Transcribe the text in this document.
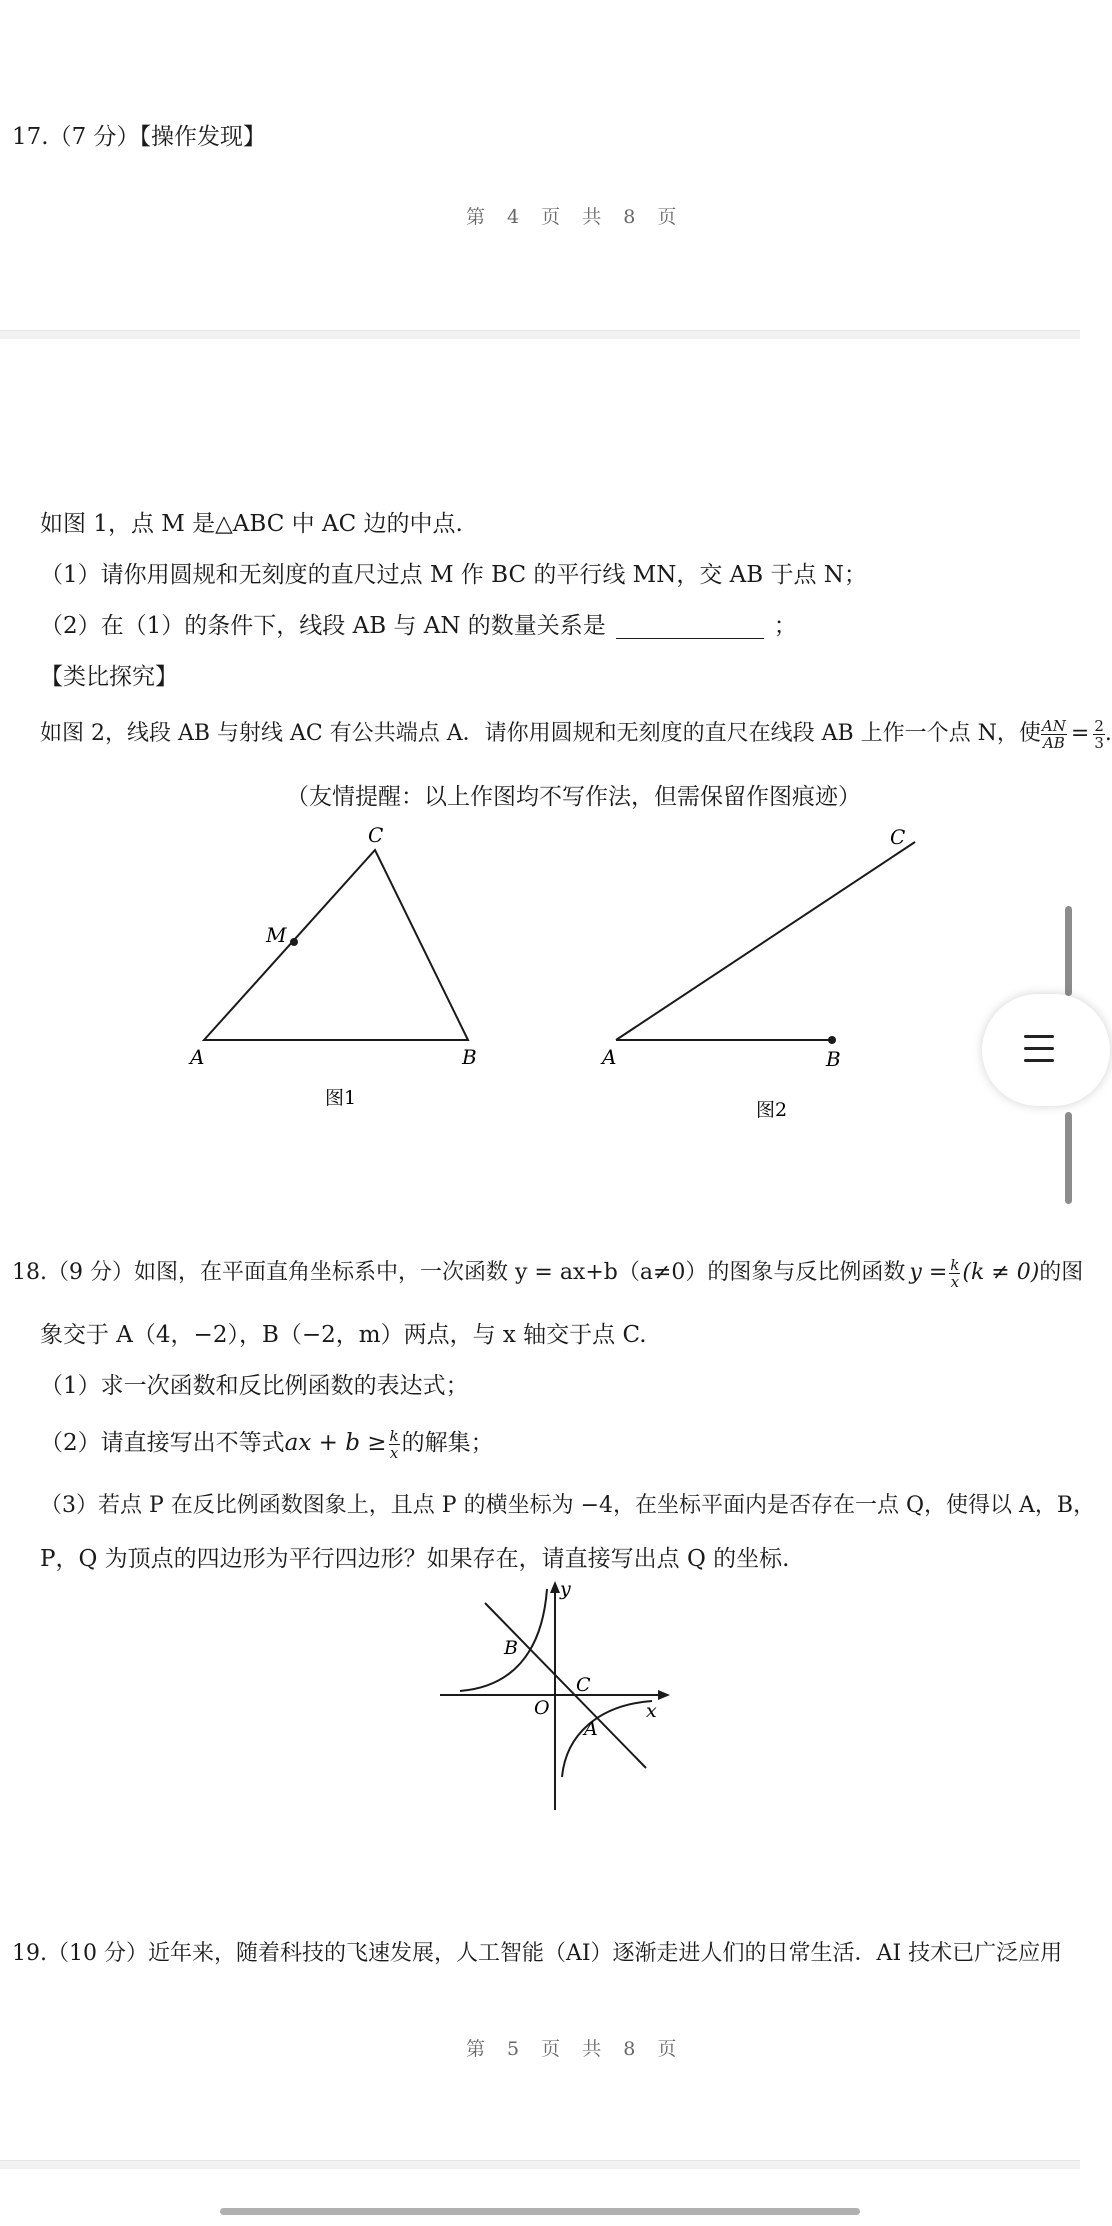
17.（7 分）【操作发现】
第 4 页 共 8 页
如图 1，点 M 是△ABC 中 AC 边的中点.
（1）请你用圆规和无刻度的直尺过点 M 作 BC 的平行线 MN，交 AB 于点 N；
（2）在（1）的条件下，线段 AB 与 AN 的数量关系是	；
【类比探究】
如图 2，线段 AB 与射线 AC 有公共端点 A．请你用圆规和无刻度的直尺在线段 AB 上作一个点 N，使 $\frac{AN}{AB} = \frac{2}{3}$ .
（友情提醒：以上作图均不写作法，但需保留作图痕迹）
A	B
C
M
图1
A	B
C
图2
18.（9 分）如图，在平面直角坐标系中，一次函数 y = ax+b（a≠0）的图象与反比例函数 $y = \frac{k}{x} (k \ne 0)$的图
象交于 A（4，−2），B（−2，m）两点，与 x 轴交于点 C.
（1）求一次函数和反比例函数的表达式；
（2）请直接写出不等式ax + $b \ge \frac{k}{x}$ 的解集；
（3）若点 P 在反比例函数图象上，且点 P 的横坐标为 −4，在坐标平面内是否存在一点 Q，使得以 A，B，
P，Q 为顶点的四边形为平行四边形？如果存在，请直接写出点 Q 的坐标.
y
x
O
B
C
A
19.（10 分）近年来，随着科技的飞速发展，人工智能（AI）逐渐走进人们的日常生活．AI 技术已广泛应用
第 5 页 共 8 页
